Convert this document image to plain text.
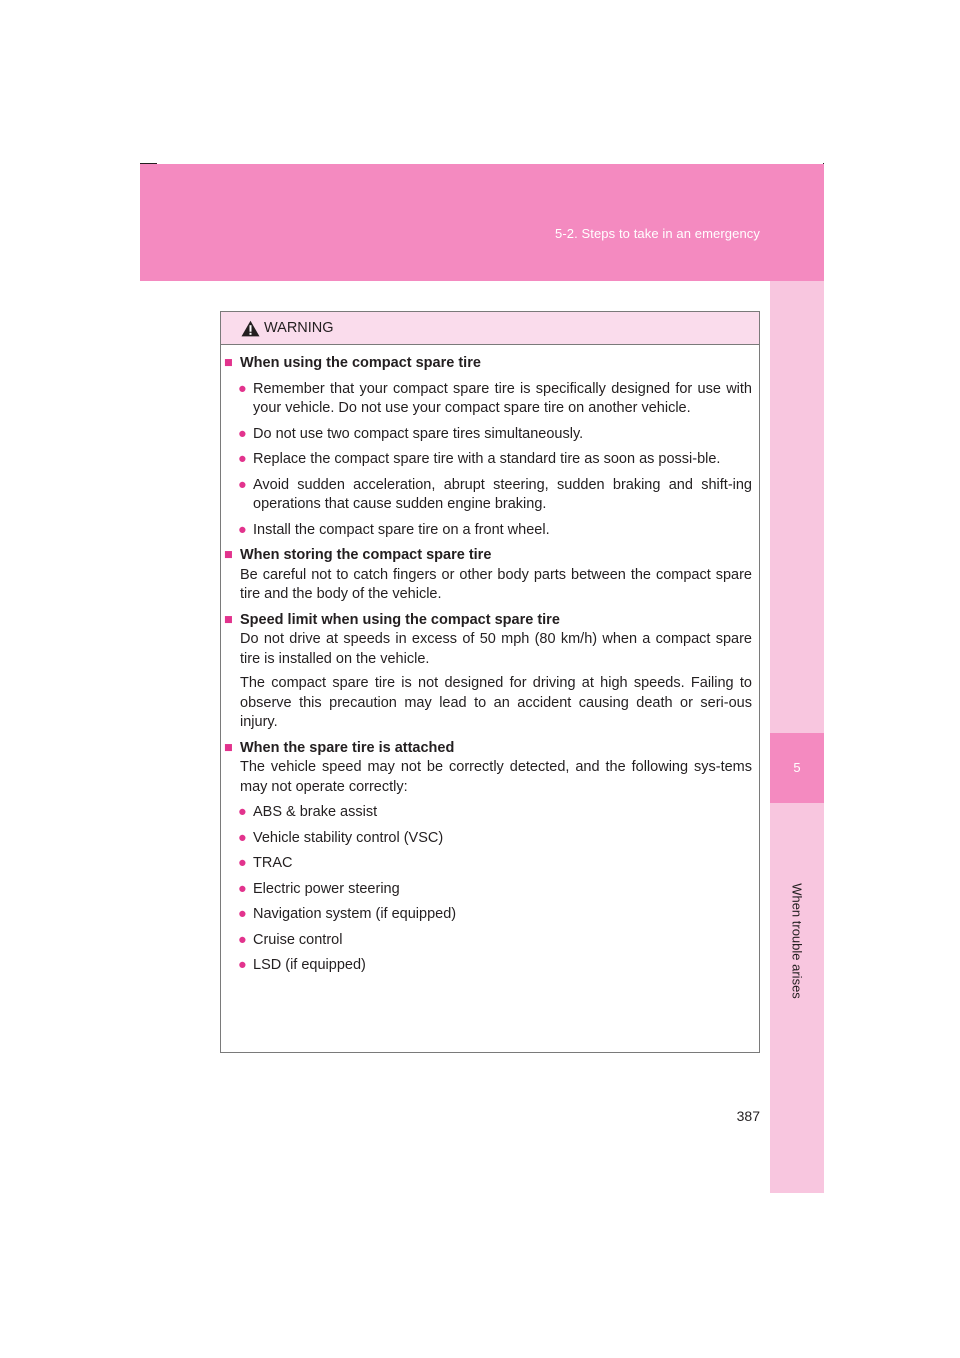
5-2. Steps to take in an emergency
5
When trouble arises
WARNING
■ When using the compact spare tire
● Remember that your compact spare tire is specifically designed for use with your vehicle. Do not use your compact spare tire on another vehicle.
● Do not use two compact spare tires simultaneously.
● Replace the compact spare tire with a standard tire as soon as possi-ble.
● Avoid sudden acceleration, abrupt steering, sudden braking and shift-ing operations that cause sudden engine braking.
● Install the compact spare tire on a front wheel.
■ When storing the compact spare tire
Be careful not to catch fingers or other body parts between the compact spare tire and the body of the vehicle.
■ Speed limit when using the compact spare tire
Do not drive at speeds in excess of 50 mph (80 km/h) when a compact spare tire is installed on the vehicle.
The compact spare tire is not designed for driving at high speeds. Failing to observe this precaution may lead to an accident causing death or seri-ous injury.
■ When the spare tire is attached
The vehicle speed may not be correctly detected, and the following sys-tems may not operate correctly:
● ABS & brake assist
● Vehicle stability control (VSC)
● TRAC
● Electric power steering
● Navigation system (if equipped)
● Cruise control
● LSD (if equipped)
387
